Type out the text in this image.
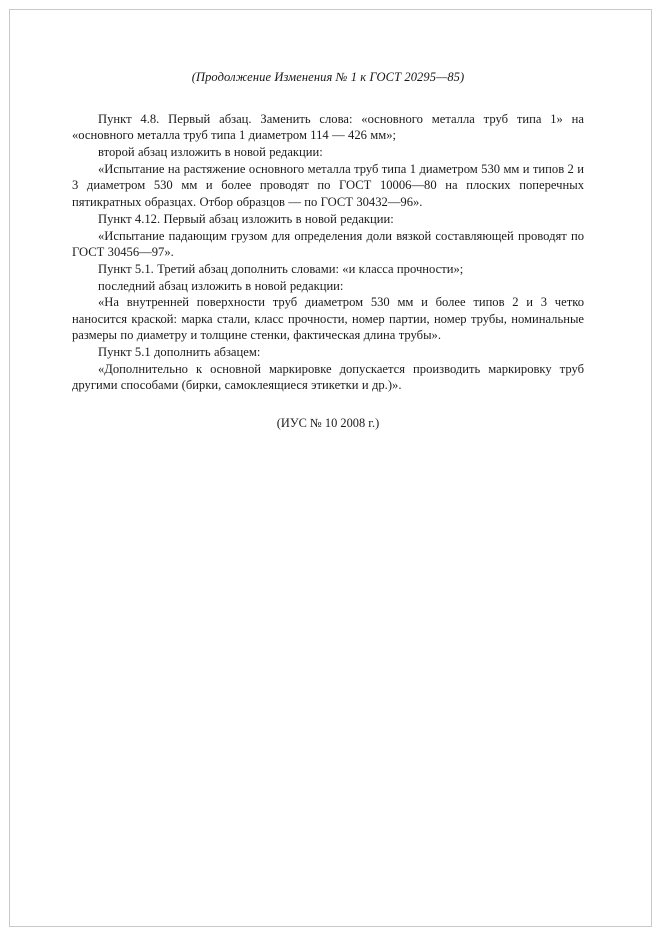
(Продолжение Изменения № 1 к ГОСТ 20295—85)

Пункт 4.8. Первый абзац. Заменить слова: «основного металла труб типа 1» на «основного металла труб типа 1 диаметром 114 — 426 мм»;

второй абзац изложить в новой редакции:

«Испытание на растяжение основного металла труб типа 1 диаметром 530 мм и типов 2 и 3 диаметром 530 мм и более проводят по ГОСТ 10006—80 на плоских поперечных пятикратных образцах. Отбор образцов — по ГОСТ 30432—96».

Пункт 4.12. Первый абзац изложить в новой редакции:

«Испытание падающим грузом для определения доли вязкой составляющей проводят по ГОСТ 30456—97».

Пункт 5.1. Третий абзац дополнить словами: «и класса прочности»;

последний абзац изложить в новой редакции:

«На внутренней поверхности труб диаметром 530 мм и более типов 2 и 3 четко наносится краской: марка стали, класс прочности, номер партии, номер трубы, номинальные размеры по диаметру и толщине стенки, фактическая длина трубы».

Пункт 5.1 дополнить абзацем:

«Дополнительно к основной маркировке допускается производить маркировку труб другими способами (бирки, самоклеящиеся этикетки и др.)».

(ИУС № 10 2008 г.)
